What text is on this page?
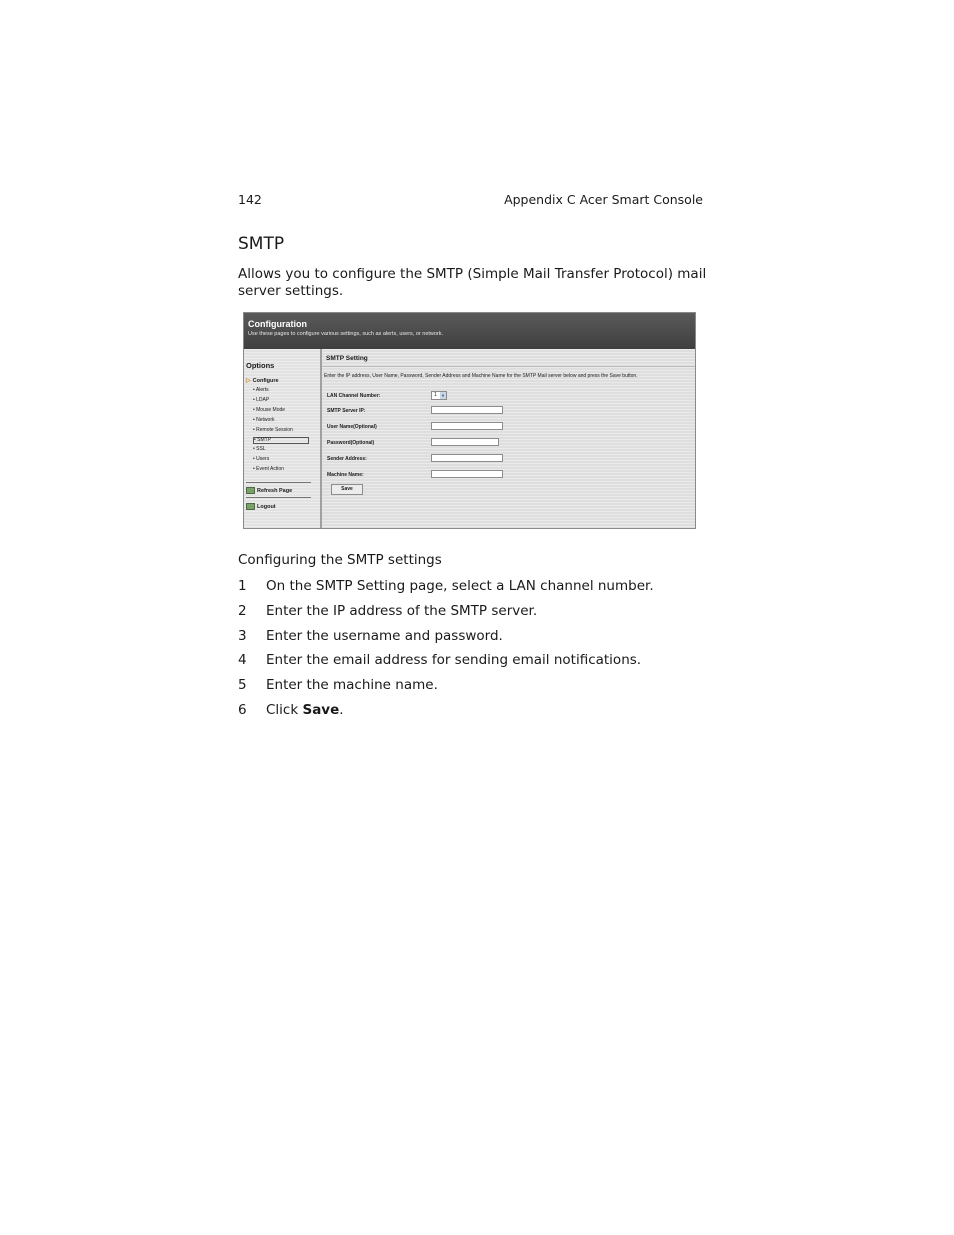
142	Appendix C Acer Smart Console
SMTP

Allows you to configure the SMTP (Simple Mail Transfer Protocol) mail server settings.

Configuration
Use these pages to configure various settings, such as alerts, users, or network.
Options
▷ Configure
• Alerts
• LDAP
• Mouse Mode
• Network
• Remote Session
• SMTP
• SSL
• Users
• Event Action
Refresh Page
Logout
SMTP Setting
Enter the IP address, User Name, Password, Sender Address and Machine Name for the SMTP Mail server below and press the Save button.
LAN Channel Number:	1 ▼
SMTP Server IP:
User Name(Optional)
Password(Optional)
Sender Address:
Machine Name:
Save
Configuring the SMTP settings
1 On the SMTP Setting page, select a LAN channel number.
2 Enter the IP address of the SMTP server.
3 Enter the username and password.
4 Enter the email address for sending email notifications.
5 Enter the machine name.
6 Click Save.
